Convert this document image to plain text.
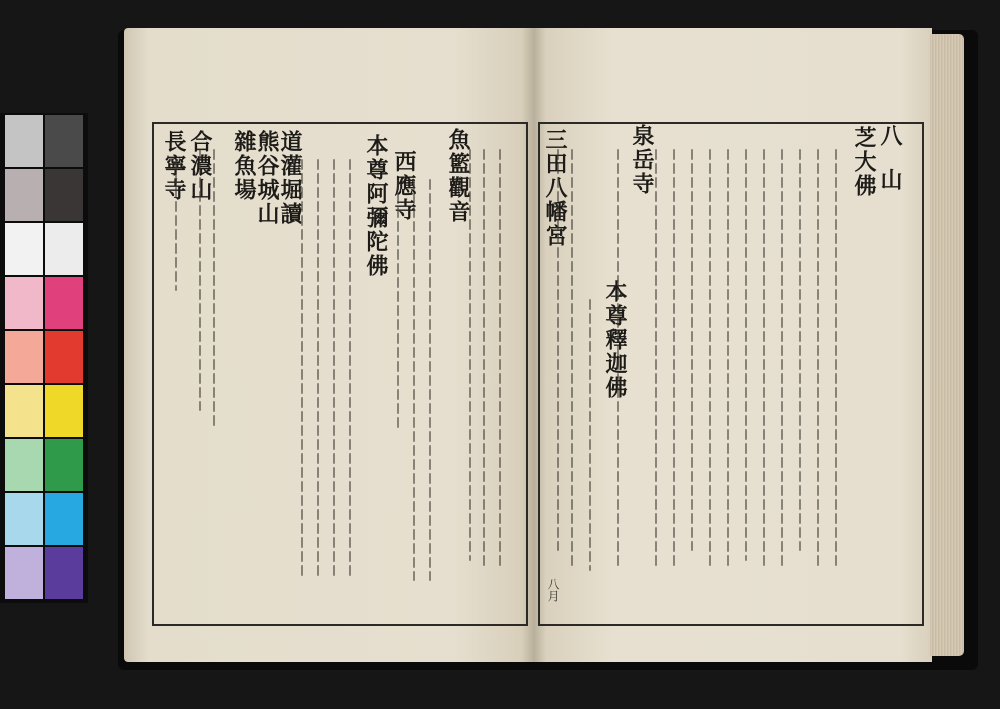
八
山
芝大佛
泉岳寺
本尊釋迦佛
三田八幡宮
八月
魚籃觀音
西應寺
本尊阿彌陀佛
道灌堀讀
熊谷城山
雜魚場
合濃山
長寧寺
